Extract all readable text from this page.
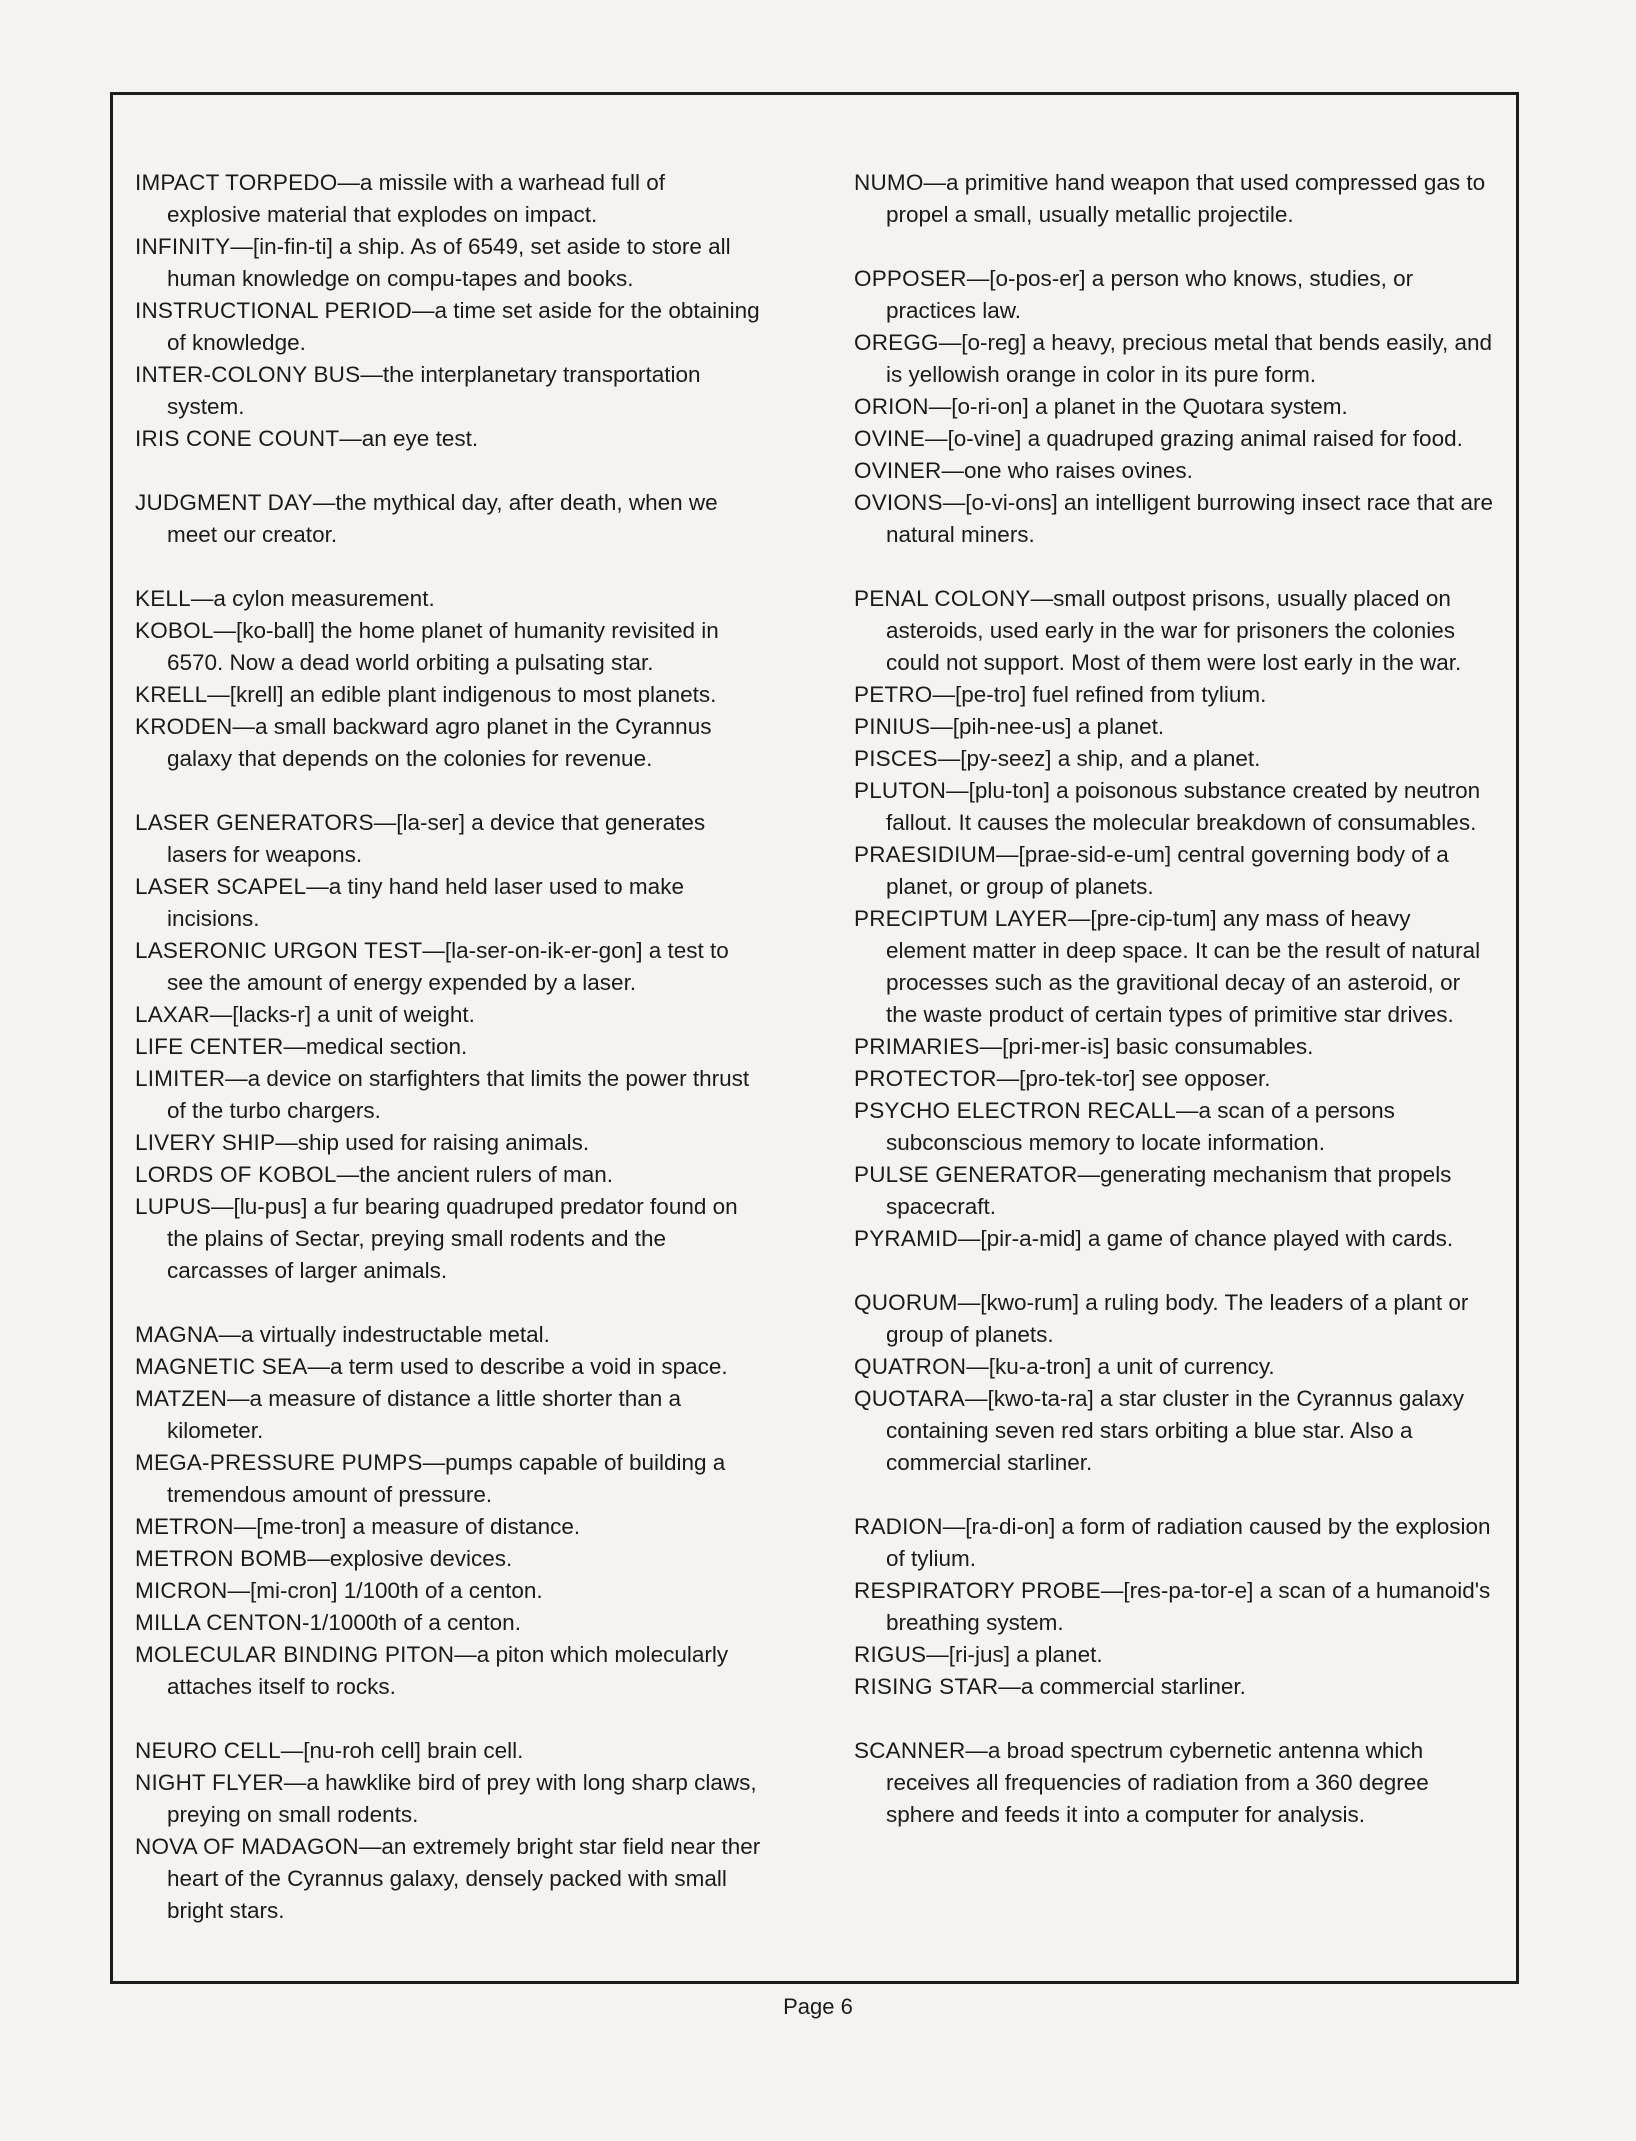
IMPACT TORPEDO—a missile with a warhead full of explosive material that explodes on impact.

INFINITY—[in-fin-ti] a ship. As of 6549, set aside to store all human knowledge on compu-tapes and books.

INSTRUCTIONAL PERIOD—a time set aside for the obtaining of knowledge.

INTER-COLONY BUS—the interplanetary transportation system.

IRIS CONE COUNT—an eye test.

JUDGMENT DAY—the mythical day, after death, when we meet our creator.

KELL—a cylon measurement.

KOBOL—[ko-ball] the home planet of humanity revisited in 6570. Now a dead world orbiting a pulsating star.

KRELL—[krell] an edible plant indigenous to most planets.

KRODEN—a small backward agro planet in the Cyrannus galaxy that depends on the colonies for revenue.

LASER GENERATORS—[la-ser] a device that generates lasers for weapons.

LASER SCAPEL—a tiny hand held laser used to make incisions.

LASERONIC URGON TEST—[la-ser-on-ik-er-gon] a test to see the amount of energy expended by a laser.

LAXAR—[lacks-r] a unit of weight.

LIFE CENTER—medical section.

LIMITER—a device on starfighters that limits the power thrust of the turbo chargers.

LIVERY SHIP—ship used for raising animals.

LORDS OF KOBOL—the ancient rulers of man.

LUPUS—[lu-pus] a fur bearing quadruped predator found on the plains of Sectar, preying small rodents and the carcasses of larger animals.

MAGNA—a virtually indestructable metal.

MAGNETIC SEA—a term used to describe a void in space.

MATZEN—a measure of distance a little shorter than a kilometer.

MEGA-PRESSURE PUMPS—pumps capable of building a tremendous amount of pressure.

METRON—[me-tron] a measure of distance.

METRON BOMB—explosive devices.

MICRON—[mi-cron] 1/100th of a centon.

MILLA CENTON-1/1000th of a centon.

MOLECULAR BINDING PITON—a piton which molecularly attaches itself to rocks.

NEURO CELL—[nu-roh cell] brain cell.

NIGHT FLYER—a hawklike bird of prey with long sharp claws, preying on small rodents.

NOVA OF MADAGON—an extremely bright star field near ther heart of the Cyrannus galaxy, densely packed with small bright stars.

NUMO—a primitive hand weapon that used compressed gas to propel a small, usually metallic projectile.

OPPOSER—[o-pos-er] a person who knows, studies, or practices law.

OREGG—[o-reg] a heavy, precious metal that bends easily, and is yellowish orange in color in its pure form.

ORION—[o-ri-on] a planet in the Quotara system.

OVINE—[o-vine] a quadruped grazing animal raised for food.

OVINER—one who raises ovines.

OVIONS—[o-vi-ons] an intelligent burrowing insect race that are natural miners.

PENAL COLONY—small outpost prisons, usually placed on asteroids, used early in the war for prisoners the colonies could not support. Most of them were lost early in the war.

PETRO—[pe-tro] fuel refined from tylium.

PINIUS—[pih-nee-us] a planet.

PISCES—[py-seez] a ship, and a planet.

PLUTON—[plu-ton] a poisonous substance created by neutron fallout. It causes the molecular breakdown of consumables.

PRAESIDIUM—[prae-sid-e-um] central governing body of a planet, or group of planets.

PRECIPTUM LAYER—[pre-cip-tum] any mass of heavy element matter in deep space. It can be the result of natural processes such as the gravitional decay of an asteroid, or the waste product of certain types of primitive star drives.

PRIMARIES—[pri-mer-is] basic consumables.

PROTECTOR—[pro-tek-tor] see opposer.

PSYCHO ELECTRON RECALL—a scan of a persons subconscious memory to locate information.

PULSE GENERATOR—generating mechanism that propels spacecraft.

PYRAMID—[pir-a-mid] a game of chance played with cards.

QUORUM—[kwo-rum] a ruling body. The leaders of a plant or group of planets.

QUATRON—[ku-a-tron] a unit of currency.

QUOTARA—[kwo-ta-ra] a star cluster in the Cyrannus galaxy containing seven red stars orbiting a blue star. Also a commercial starliner.

RADION—[ra-di-on] a form of radiation caused by the explosion of tylium.

RESPIRATORY PROBE—[res-pa-tor-e] a scan of a humanoid's breathing system.

RIGUS—[ri-jus] a planet.

RISING STAR—a commercial starliner.

SCANNER—a broad spectrum cybernetic antenna which receives all frequencies of radiation from a 360 degree sphere and feeds it into a computer for analysis.

Page 6
